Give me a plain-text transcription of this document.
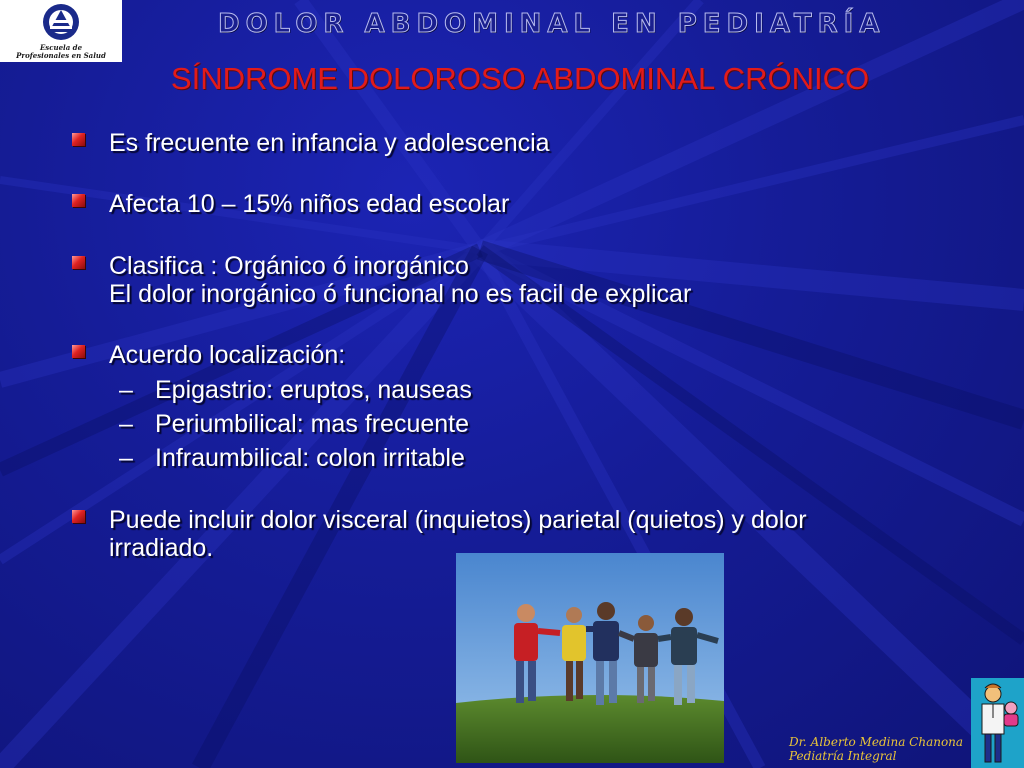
Escuela de
Profesionales en Salud
DOLOR ABDOMINAL EN PEDIATRÍA
SÍNDROME DOLOROSO ABDOMINAL CRÓNICO
Es frecuente en infancia y adolescencia
Afecta 10 – 15% niños edad escolar
Clasifica : Orgánico ó inorgánico
El dolor inorgánico ó funcional no es facil de explicar
Acuerdo localización:
– Epigastrio: eruptos, nauseas
– Periumbilical: mas frecuente
– Infraumbilical: colon irritable
Puede incluir dolor visceral (inquietos) parietal (quietos) y dolor
irradiado.
Dr. Alberto Medina Chanona
Pediatría Integral
